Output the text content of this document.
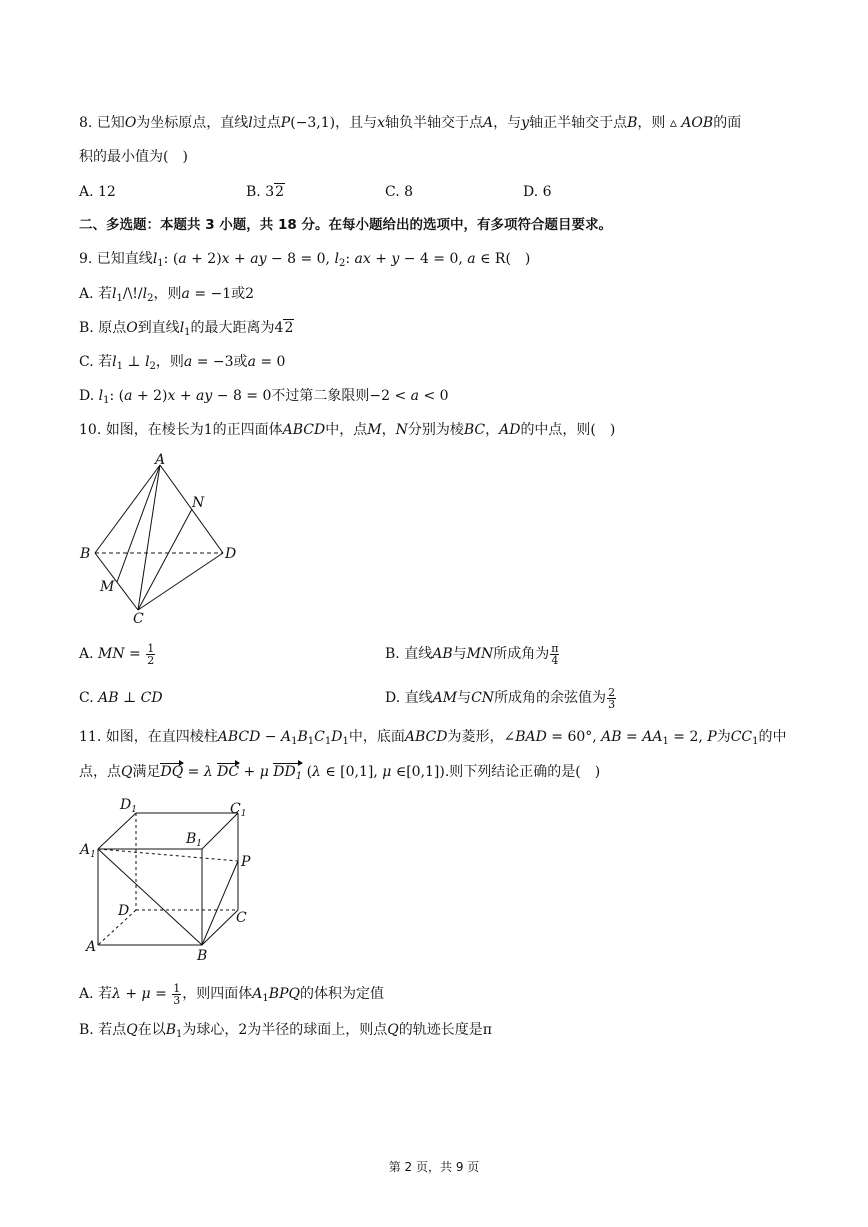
8. 已知O为坐标原点，直线l过点P(−3,1)，且与x轴负半轴交于点A，与y轴正半轴交于点B，则 ▵ AOB的面
积的最小值为(　)
A. 12	B. 32	C. 8	D. 6
二、多选题：本题共 3 小题，共 18 分。在每小题给出的选项中，有多项符合题目要求。
9. 已知直线$l_1$: (a + 2)x + ay − 8 = 0, $l_2$: ax + y − 4 = 0, a ∈ R(　)
A. 若$l_1/\backslash!/l_2$，则a = −1或2
B. 原点O到直线$l_1$的最大距离为42
C. 若$l_1$ ⊥ $l_2$，则a = −3或a = 0
D. $l_1$: (a + 2)x + ay − 8 = 0不过第二象限则−2 < a < 0
10. 如图，在棱长为1的正四面体ABCD中，点M，N分别为棱BC，AD的中点，则(　)
A
N
B	D
M
C
A. MN = $\frac{1}{2}$	B. 直线AB与MN所成角为 $\frac{\pi}{4}$
C. AB ⊥ CD	D. 直线AM与CN所成角的余弦值为 $\frac{2}{3}$
11. 如图，在直四棱柱ABCD − $A_1B_1C_1D_1$中，底面ABCD为菱形，∠BAD = 60°, AB = $AA_1 = 2$, P为$CC_1$的中
点，点Q满足DQ = λ DC + μ $DD_1$ (λ ∈ [0,1], μ ∈[0,1]).则下列结论正确的是(　)
$D_1$	$C_1$
$B_1$
$A_1$	P
D	C
A
B
A. 若$\lambda + \mu = \frac{1}{3}$ ，则四面体$A_1BPQ$的体积为定值
B. 若点Q在以$B_1$为球心，2为半径的球面上，则点Q的轨迹长度是π
第 2 页，共 9 页
